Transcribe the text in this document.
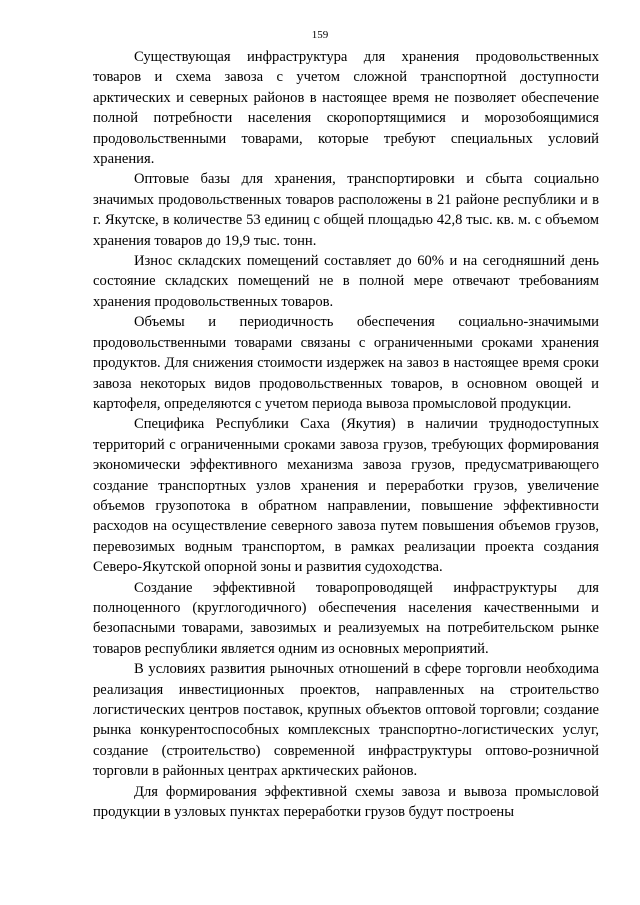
159

Существующая инфраструктура для хранения продовольственных товаров и схема завоза с учетом сложной транспортной доступности арктических и северных районов в настоящее время не позволяет обеспечение полной потребности населения скоропортящимися и морозобоящимися продовольственными товарами, которые требуют специальных условий хранения.

Оптовые базы для хранения, транспортировки и сбыта социально значимых продовольственных товаров расположены в 21 районе республики и в г. Якутске, в количестве 53 единиц с общей площадью 42,8 тыс. кв. м. с объемом хранения товаров до 19,9 тыс. тонн.

Износ складских помещений составляет до 60% и на сегодняшний день состояние складских помещений не в полной мере отвечают требованиям хранения продовольственных товаров.

Объемы и периодичность обеспечения социально-значимыми продовольственными товарами связаны с ограниченными сроками хранения продуктов. Для снижения стоимости издержек на завоз в настоящее время сроки завоза некоторых видов продовольственных товаров, в основном овощей и картофеля, определяются с учетом периода вывоза промысловой продукции.

Специфика Республики Саха (Якутия) в наличии труднодоступных территорий с ограниченными сроками завоза грузов, требующих формирования экономически эффективного механизма завоза грузов, предусматривающего создание транспортных узлов хранения и переработки грузов, увеличение объемов грузопотока в обратном направлении, повышение эффективности расходов на осуществление северного завоза путем повышения объемов грузов, перевозимых водным транспортом, в рамках реализации проекта создания Северо-Якутской опорной зоны и развития судоходства.

Создание эффективной товаропроводящей инфраструктуры для полноценного (круглогодичного) обеспечения населения качественными и безопасными товарами, завозимых и реализуемых на потребительском рынке товаров республики является одним из основных мероприятий.

В условиях развития рыночных отношений в сфере торговли необходима реализация инвестиционных проектов, направленных на строительство логистических центров поставок, крупных объектов оптовой торговли; создание рынка конкурентоспособных комплексных транспортно-логистических услуг, создание (строительство) современной инфраструктуры оптово-розничной торговли в районных центрах арктических районов.

Для формирования эффективной схемы завоза и вывоза промысловой продукции в узловых пунктах переработки грузов будут построены
